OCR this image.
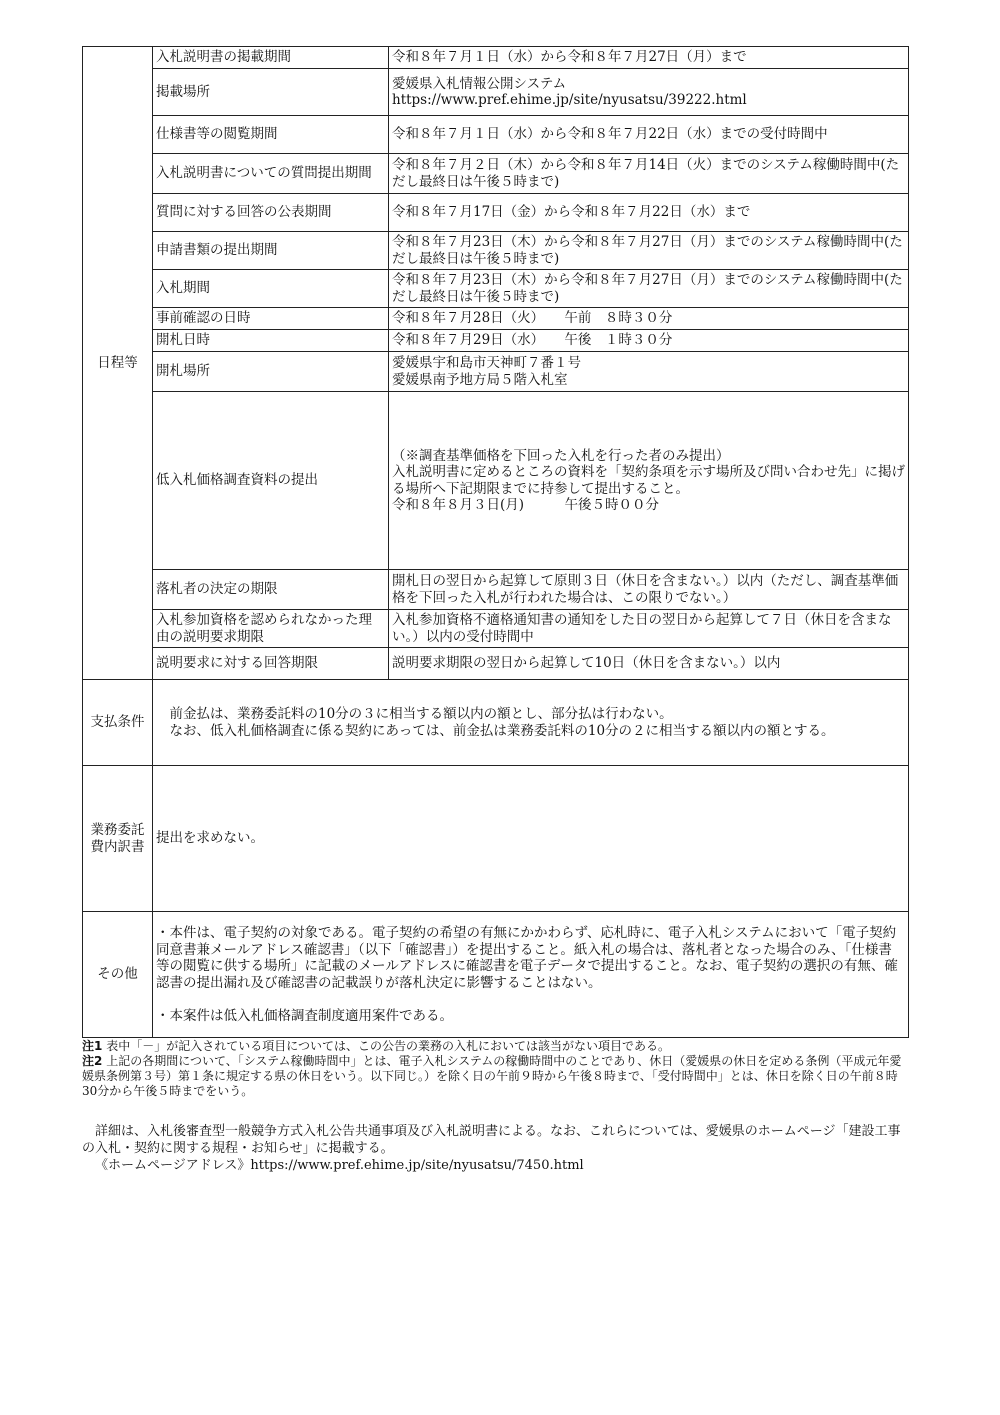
日程等	入札説明書の掲載期間	令和８年７月１日（水）から令和８年７月27日（月）まで
	掲載場所	愛媛県入札情報公開システム
https://www.pref.ehime.jp/site/nyusatsu/39222.html
	仕様書等の閲覧期間	令和８年７月１日（水）から令和８年７月22日（水）までの受付時間中
	入札説明書についての質問提出期間	令和８年７月２日（木）から令和８年７月14日（火）までのシステム稼働時間中(ただし最終日は午後５時まで)
	質問に対する回答の公表期間	令和８年７月17日（金）から令和８年７月22日（水）まで
	申請書類の提出期間	令和８年７月23日（木）から令和８年７月27日（月）までのシステム稼働時間中(ただし最終日は午後５時まで)
	入札期間	令和８年７月23日（木）から令和８年７月27日（月）までのシステム稼働時間中(ただし最終日は午後５時まで)
	事前確認の日時	令和８年７月28日（火）　　午前　８時３０分
	開札日時	令和８年７月29日（水）　　午後　１時３０分
	開札場所	愛媛県宇和島市天神町７番１号
愛媛県南予地方局５階入札室
	低入札価格調査資料の提出	（※調査基準価格を下回った入札を行った者のみ提出）
入札説明書に定めるところの資料を「契約条項を示す場所及び問い合わせ先」に掲げる場所へ下記期限までに持参して提出すること。
令和８年８月３日(月)　　　午後５時００分
	落札者の決定の期限	開札日の翌日から起算して原則３日（休日を含まない。）以内（ただし、調査基準価格を下回った入札が行われた場合は、この限りでない。）
	入札参加資格を認められなかった理由の説明要求期限	入札参加資格不適格通知書の通知をした日の翌日から起算して７日（休日を含まない。）以内の受付時間中
	説明要求に対する回答期限	説明要求期限の翌日から起算して10日（休日を含まない。）以内
支払条件	　前金払は、業務委託料の10分の３に相当する額以内の額とし、部分払は行わない。
　なお、低入札価格調査に係る契約にあっては、前金払は業務委託料の10分の２に相当する額以内の額とする。	
業務委託費内訳書	提出を求めない。	
その他	・本件は、電子契約の対象である。電子契約の希望の有無にかかわらず、応札時に、電子入札システムにおいて「電子契約同意書兼メールアドレス確認書」（以下「確認書」）を提出すること。紙入札の場合は、落札者となった場合のみ、「仕様書等の閲覧に供する場所」に記載のメールアドレスに確認書を電子データで提出すること。なお、電子契約の選択の有無、確認書の提出漏れ及び確認書の記載誤りが落札決定に影響することはない。

・本案件は低入札価格調査制度適用案件である。	

注1 表中「－」が記入されている項目については、この公告の業務の入札においては該当がない項目である。

注2 上記の各期間について、「システム稼働時間中」とは、電子入札システムの稼働時間中のことであり、休日（愛媛県の休日を定める条例（平成元年愛媛県条例第３号）第１条に規定する県の休日をいう。以下同じ。）を除く日の午前９時から午後８時まで、「受付時間中」とは、休日を除く日の午前８時30分から午後５時までをいう。

　詳細は、入札後審査型一般競争方式入札公告共通事項及び入札説明書による。なお、これらについては、愛媛県のホームページ「建設工事の入札・契約に関する規程・お知らせ」に掲載する。

《ホームページアドレス》https://www.pref.ehime.jp/site/nyusatsu/7450.html
